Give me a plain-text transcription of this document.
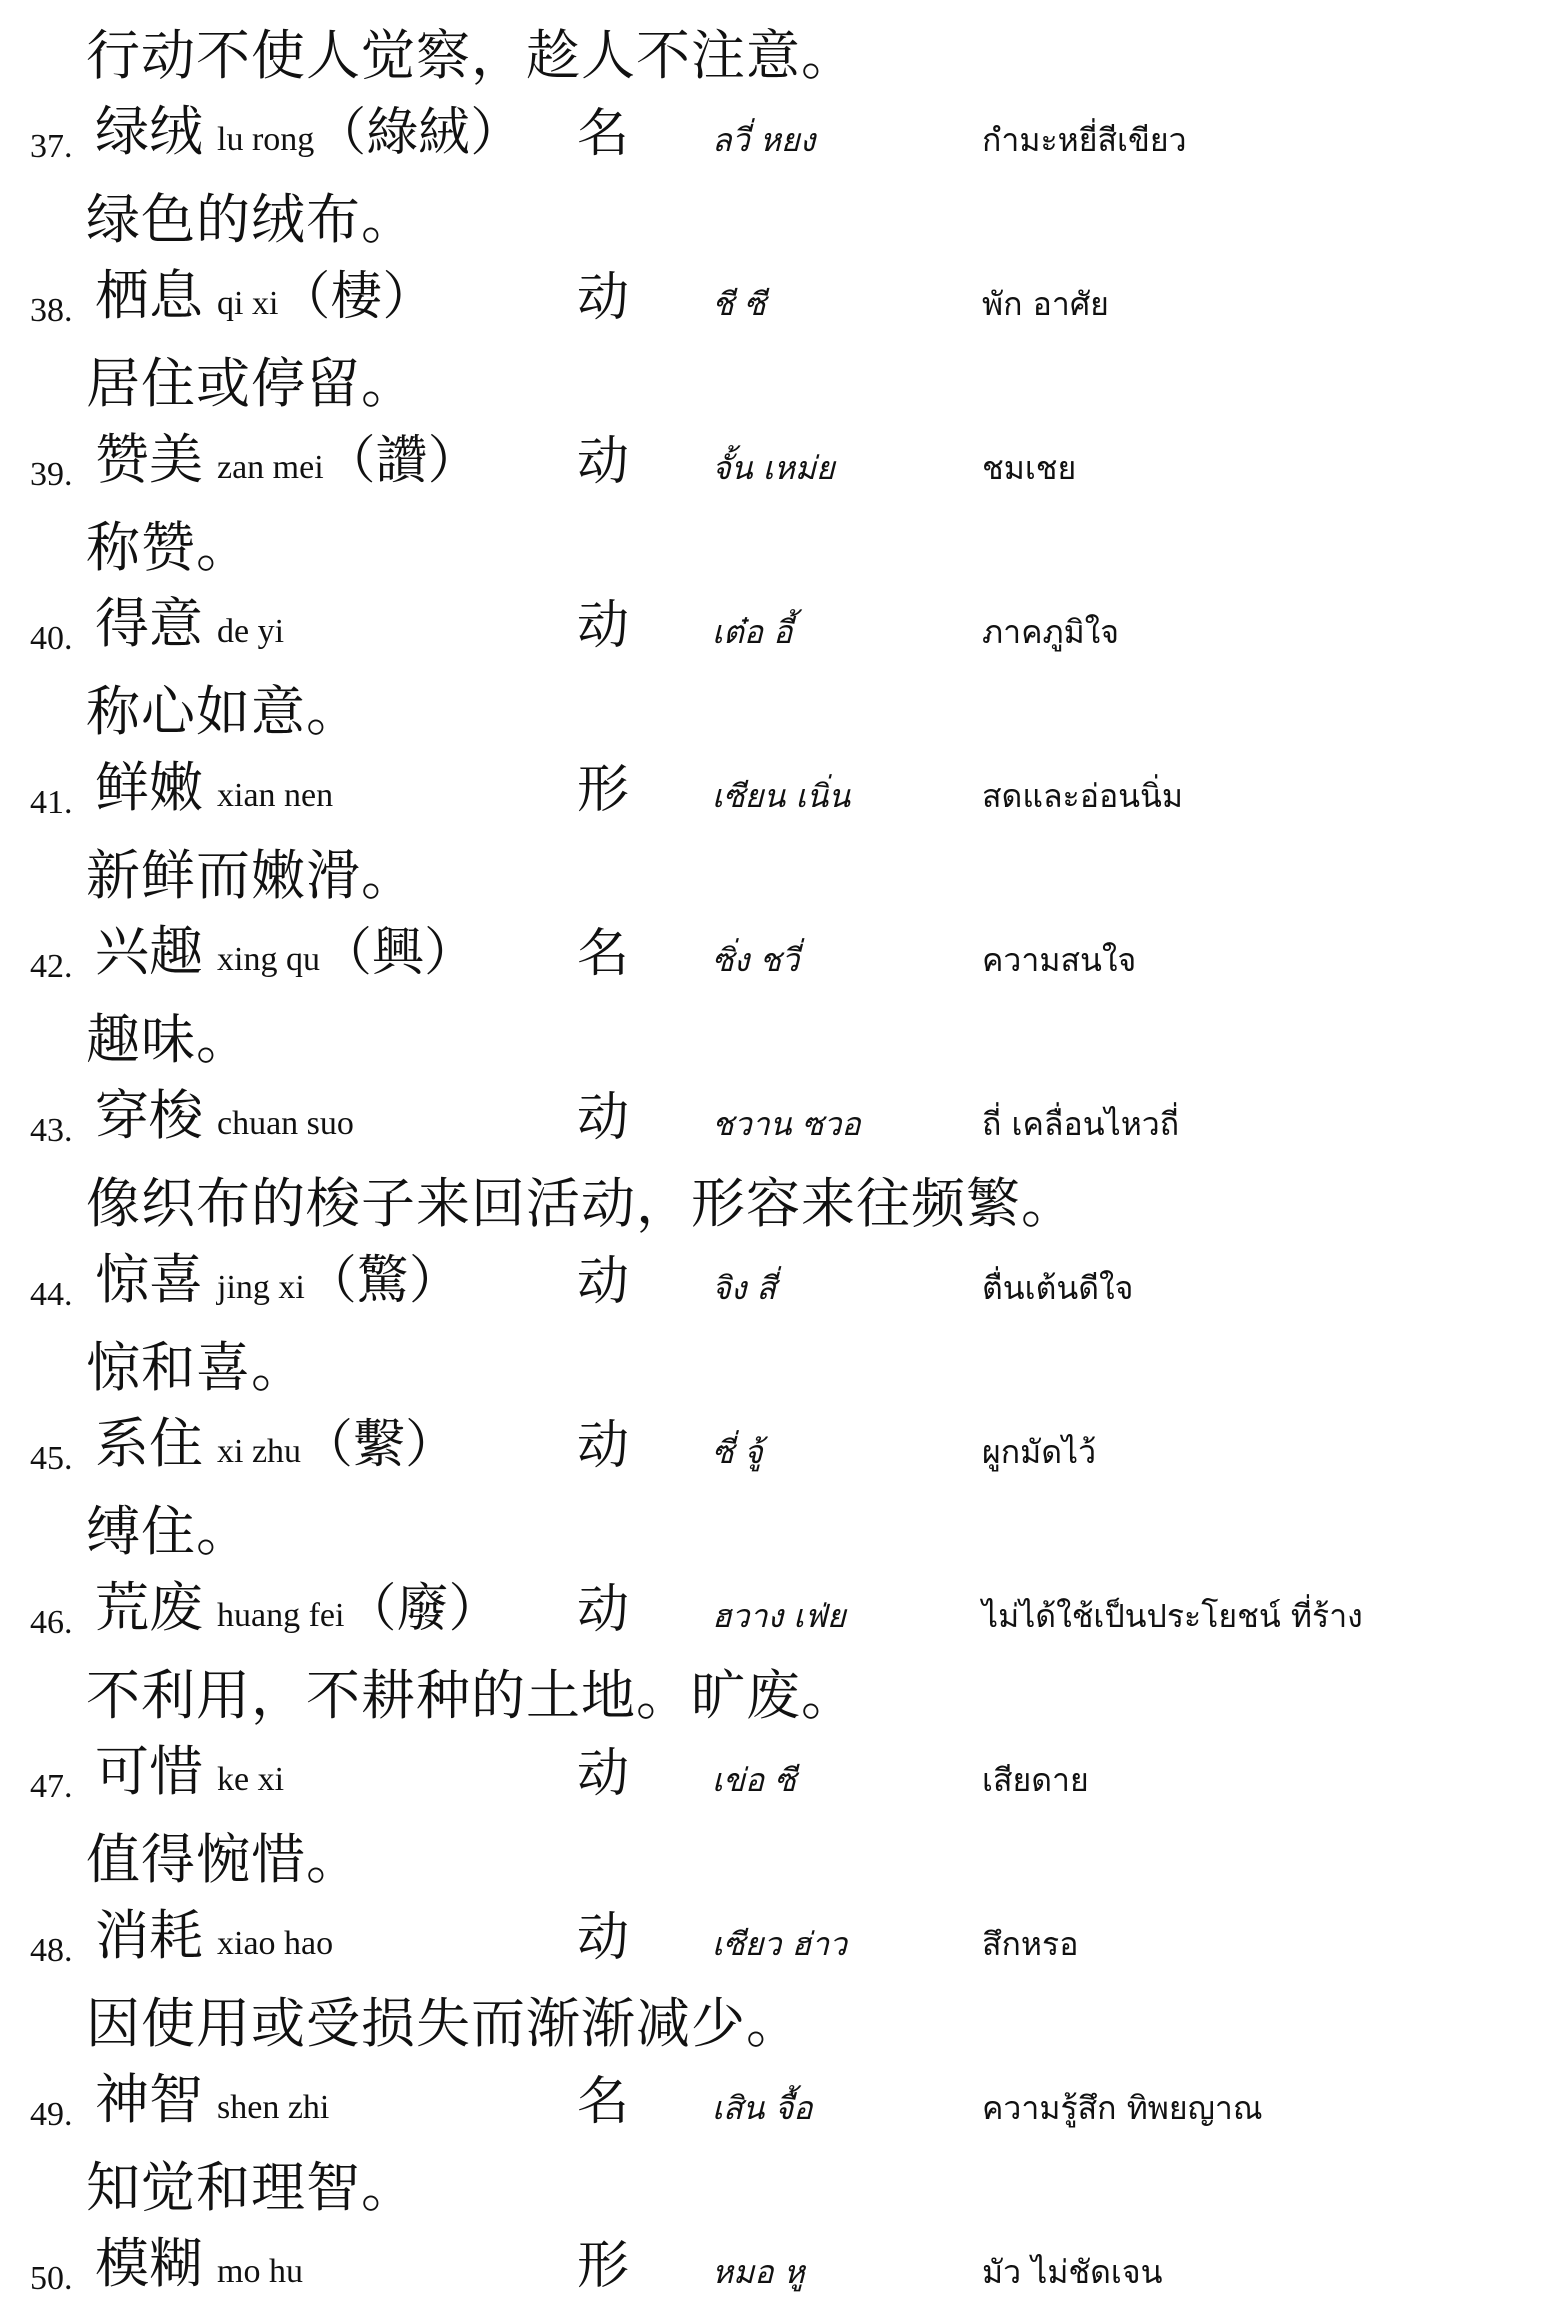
行动不使人觉察，趁人不注意。
37. 绿绒 lu rong（綠絨） 名	ลวี่ หยง	กำมะหยี่สีเขียว
绿色的绒布。
38. 栖息 qi xi（棲）	动	ชี ซี	พัก อาศัย
居住或停留。
39. 赞美 zan mei（讚） 动	จั้น เหม่ย	ชมเชย
称赞。
40. 得意 de yi	动	เต๋อ อี้	ภาคภูมิใจ
称心如意。
41. 鲜嫩 xian nen	形	เซียน เนิ่น	สดและอ่อนนิ่ม
新鲜而嫩滑。
42. 兴趣 xing qu（興） 名	ซิ่ง ชวี่	ความสนใจ
趣味。
43. 穿梭 chuan suo	动	ชวาน ซวอ	ถี่ เคลื่อนไหวถี่
像织布的梭子来回活动，形容来往频繁。
44. 惊喜 jing xi（驚） 动	จิง สี่	ตื่นเต้นดีใจ
惊和喜。
45. 系住 xi zhu（繫） 动	ซี่ จู้	ผูกมัดไว้
缚住。
46. 荒废 huang fei（廢） 动	ฮวาง เฟ่ย	ไม่ได้ใช้เป็นประโยชน์ ที่ร้าง
不利用，不耕种的土地。旷废。
47. 可惜 ke xi	动	เข่อ ซี	เสียดาย
值得惋惜。
48. 消耗 xiao hao	动	เซียว ฮ่าว	สึกหรอ
因使用或受损失而渐渐减少。
49. 神智 shen zhi	名	เสิน จื้อ	ความรู้สึก ทิพยญาณ
知觉和理智。
50. 模糊 mo hu	形	หมอ หู	มัว ไม่ชัดเจน
